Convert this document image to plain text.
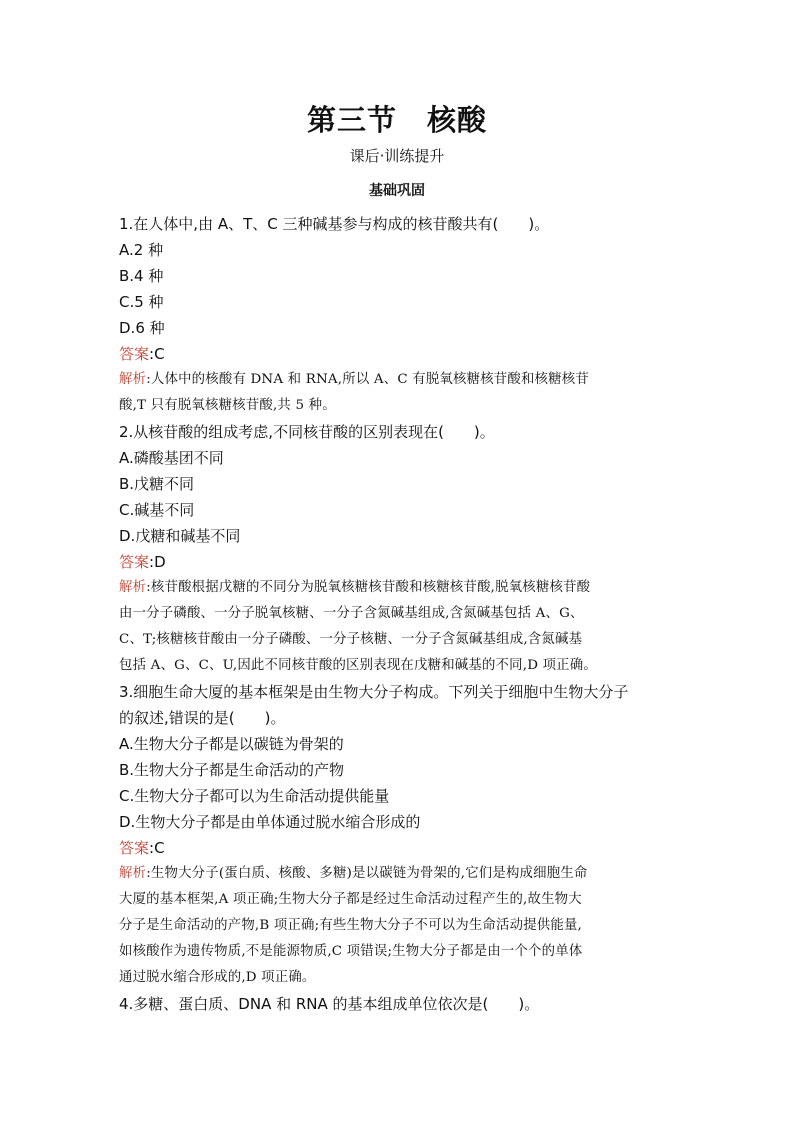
第三节 核酸
课后·训练提升
基础巩固
1.在人体中,由 A、T、C 三种碱基参与构成的核苷酸共有(　　)。
A.2 种
B.4 种
C.5 种
D.6 种
答案:C
解析:人体中的核酸有 DNA 和 RNA,所以 A、C 有脱氧核糖核苷酸和核糖核苷
酸,T 只有脱氧核糖核苷酸,共 5 种。
2.从核苷酸的组成考虑,不同核苷酸的区别表现在(　　)。
A.磷酸基团不同
B.戊糖不同
C.碱基不同
D.戊糖和碱基不同
答案:D
解析:核苷酸根据戊糖的不同分为脱氧核糖核苷酸和核糖核苷酸,脱氧核糖核苷酸
由一分子磷酸、一分子脱氧核糖、一分子含氮碱基组成,含氮碱基包括 A、G、
C、T;核糖核苷酸由一分子磷酸、一分子核糖、一分子含氮碱基组成,含氮碱基
包括 A、G、C、U,因此不同核苷酸的区别表现在戊糖和碱基的不同,D 项正确。
3.细胞生命大厦的基本框架是由生物大分子构成。下列关于细胞中生物大分子
的叙述,错误的是(　　)。
A.生物大分子都是以碳链为骨架的
B.生物大分子都是生命活动的产物
C.生物大分子都可以为生命活动提供能量
D.生物大分子都是由单体通过脱水缩合形成的
答案:C
解析:生物大分子(蛋白质、核酸、多糖)是以碳链为骨架的,它们是构成细胞生命
大厦的基本框架,A 项正确;生物大分子都是经过生命活动过程产生的,故生物大
分子是生命活动的产物,B 项正确;有些生物大分子不可以为生命活动提供能量,
如核酸作为遗传物质,不是能源物质,C 项错误;生物大分子都是由一个个的单体
通过脱水缩合形成的,D 项正确。
4.多糖、蛋白质、DNA 和 RNA 的基本组成单位依次是(　　)。
